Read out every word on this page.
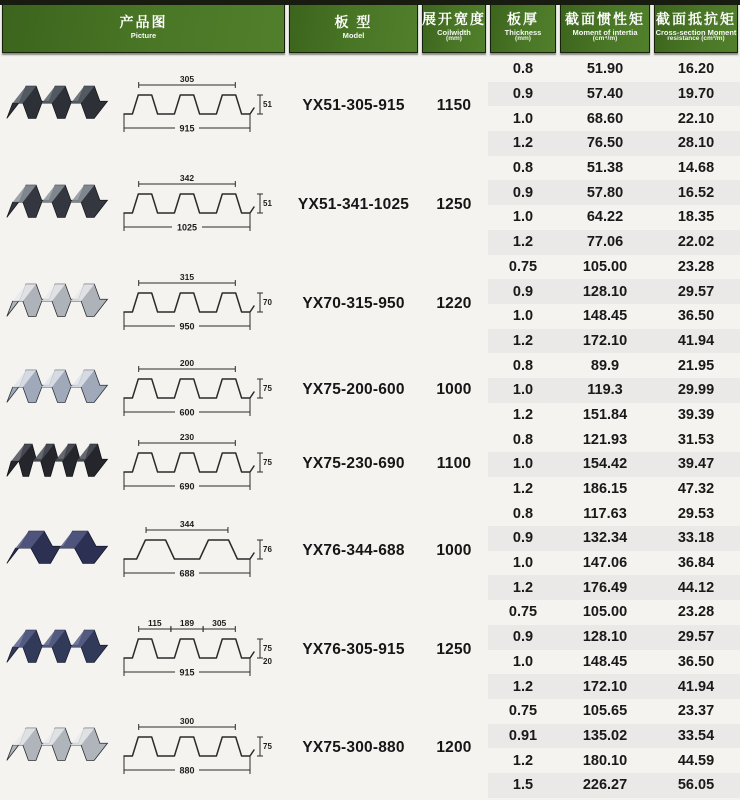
产品图
Picture
板 型
Model
展开宽度
Coilwidth
(mm)
板厚
Thickness
(mm)
截面惯性矩
Moment of intertia
(cm⁴/m)
截面抵抗矩
Cross-section Moment
resistance (cm³/m)
305
915
51	YX51-305-915	1150
0.8	51.90	16.20
0.9	57.40	19.70
1.0	68.60	22.10
1.2	76.50	28.10
342
1025
51	YX51-341-1025	1250
0.8	51.38	14.68
0.9	57.80	16.52
1.0	64.22	18.35
1.2	77.06	22.02
315
950
70	YX70-315-950	1220
0.75	105.00	23.28
0.9	128.10	29.57
1.0	148.45	36.50
1.2	172.10	41.94
200
600
75	YX75-200-600	1000
0.8	89.9	21.95
1.0	119.3	29.99
1.2	151.84	39.39
230
690
75	YX75-230-690	1100
0.8	121.93	31.53
1.0	154.42	39.47
1.2	186.15	47.32
344
688
76	YX76-344-688	1000
0.8	117.63	29.53
0.9	132.34	33.18
1.0	147.06	36.84
1.2	176.49	44.12
115 189 305
915
75
20
YX76-305-915	1250
0.75	105.00	23.28
0.9	128.10	29.57
1.0	148.45	36.50
1.2	172.10	41.94
300
880
75	YX75-300-880	1200
0.75	105.65	23.37
0.91	135.02	33.54
1.2	180.10	44.59
1.5	226.27	56.05
